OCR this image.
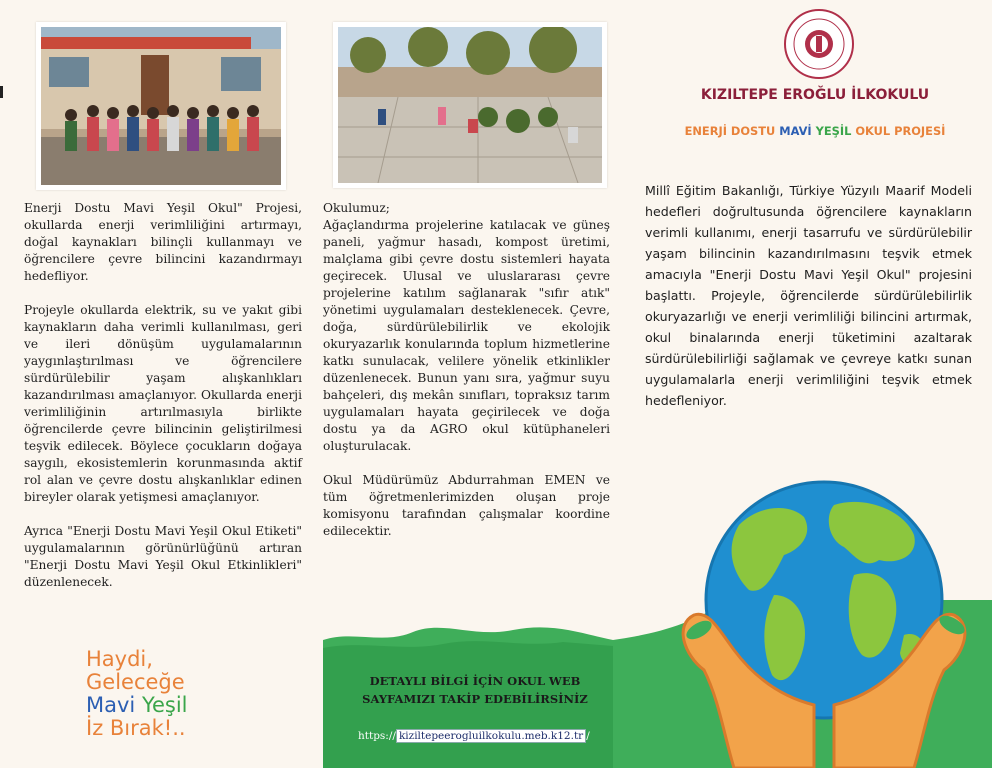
KIZILTEPE EROĞLU İLKOKULU
ENERJİ DOSTU MAVİ YEŞİL OKUL PROJESİ

Enerji Dostu Mavi Yeşil Okul" Projesi, okullarda enerji verimliliğini artırmayı, doğal kaynakları bilinçli kullanmayı ve öğrencilere çevre bilincini kazandırmayı hedefliyor.

Projeyle okullarda elektrik, su ve yakıt gibi kaynakların daha verimli kullanılması, geri ve ileri dönüşüm uygulamalarının yaygınlaştırılması ve öğrencilere sürdürülebilir yaşam alışkanlıkları kazandırılması amaçlanıyor. Okullarda enerji verimliliğinin artırılmasıyla birlikte öğrencilerde çevre bilincinin geliştirilmesi teşvik edilecek. Böylece çocukların doğaya saygılı, ekosistemlerin korunmasında aktif rol alan ve çevre dostu alışkanlıklar edinen bireyler olarak yetişmesi amaçlanıyor.

Ayrıca "Enerji Dostu Mavi Yeşil Okul Etiketi" uygulamalarının görünürlüğünü artıran "Enerji Dostu Mavi Yeşil Okul Etkinlikleri" düzenlenecek.

Haydi,
Geleceğe
Mavi Yeşil
İz Bırak!..

Okulumuz;
Ağaçlandırma projelerine katılacak ve güneş paneli, yağmur hasadı, kompost üretimi, malçlama gibi çevre dostu sistemleri hayata geçirecek. Ulusal ve uluslararası çevre projelerine katılım sağlanarak "sıfır atık" yönetimi uygulamaları desteklenecek. Çevre, doğa, sürdürülebilirlik ve ekolojik okuryazarlık konularında toplum hizmetlerine katkı sunulacak, velilere yönelik etkinlikler düzenlenecek. Bunun yanı sıra, yağmur suyu bahçeleri, dış mekân sınıfları, topraksız tarım uygulamaları hayata geçirilecek ve doğa dostu ya da AGRO okul kütüphaneleri oluşturulacak.

Okul Müdürümüz Abdurrahman EMEN ve tüm öğretmenlerimizden oluşan proje komisyonu tarafından çalışmalar koordine edilecektir.

DETAYLI BİLGİ İÇİN OKUL WEB
SAYFAMIZI TAKİP EDEBİLİRSİNİZ
https:// kiziltepeerogluilkokulu.meb.k12.tr /

Millî Eğitim Bakanlığı, Türkiye Yüzyılı Maarif Modeli hedefleri doğrultusunda öğrencilere kaynakların verimli kullanımı, enerji tasarrufu ve sürdürülebilir yaşam bilincinin kazandırılmasını teşvik etmek amacıyla "Enerji Dostu Mavi Yeşil Okul" projesini başlattı. Projeyle, öğrencilerde sürdürülebilirlik okuryazarlığı ve enerji verimliliği bilincini artırmak, okul binalarında enerji tüketimini azaltarak sürdürülebilirliği sağlamak ve çevreye katkı sunan uygulamalarla enerji verimliliğini teşvik etmek hedefleniyor.
